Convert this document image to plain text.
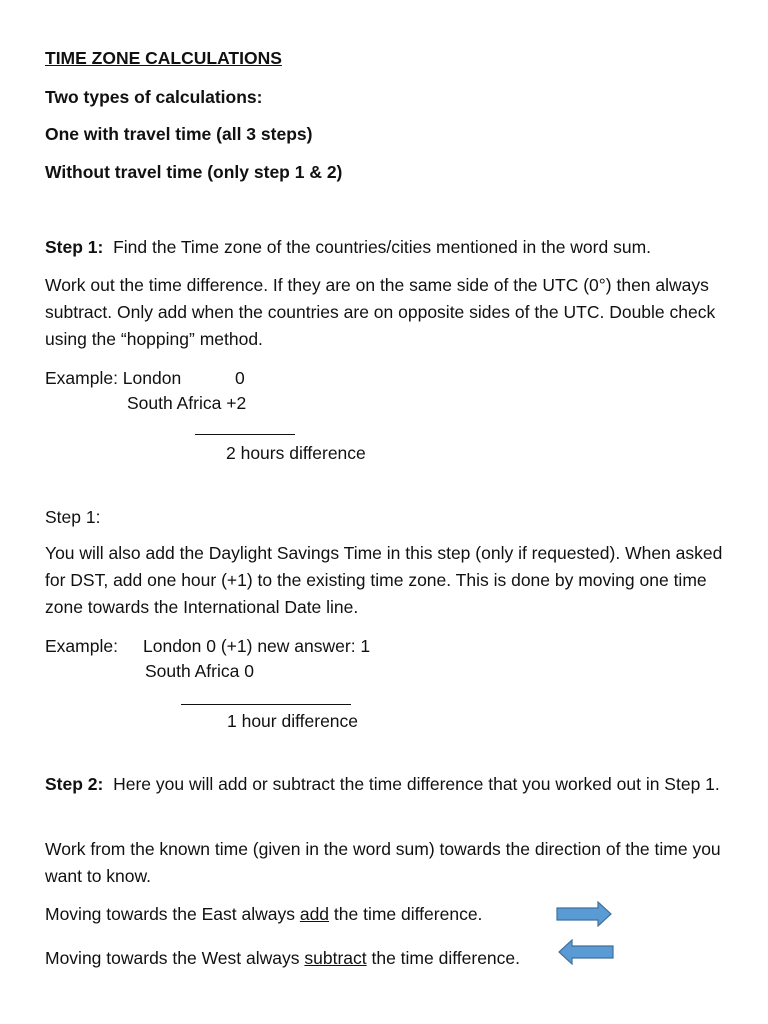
TIME ZONE CALCULATIONS
Two types of calculations:
One with travel time (all 3 steps)
Without travel time (only step 1 & 2)
Step 1: Find the Time zone of the countries/cities mentioned in the word sum.
Work out the time difference. If they are on the same side of the UTC (0°) then always subtract. Only add when the countries are on opposite sides of the UTC. Double check using the “hopping” method.
Example: London	0
South Africa +2
2 hours difference
Step 1:
You will also add the Daylight Savings Time in this step (only if requested). When asked for DST, add one hour (+1) to the existing time zone. This is done by moving one time zone towards the International Date line.
Example: London 0 (+1) new answer: 1
South Africa 0
1 hour difference
Step 2: Here you will add or subtract the time difference that you worked out in Step 1.
Work from the known time (given in the word sum) towards the direction of the time you want to know.
Moving towards the East always add the time difference.
Moving towards the West always subtract the time difference.
